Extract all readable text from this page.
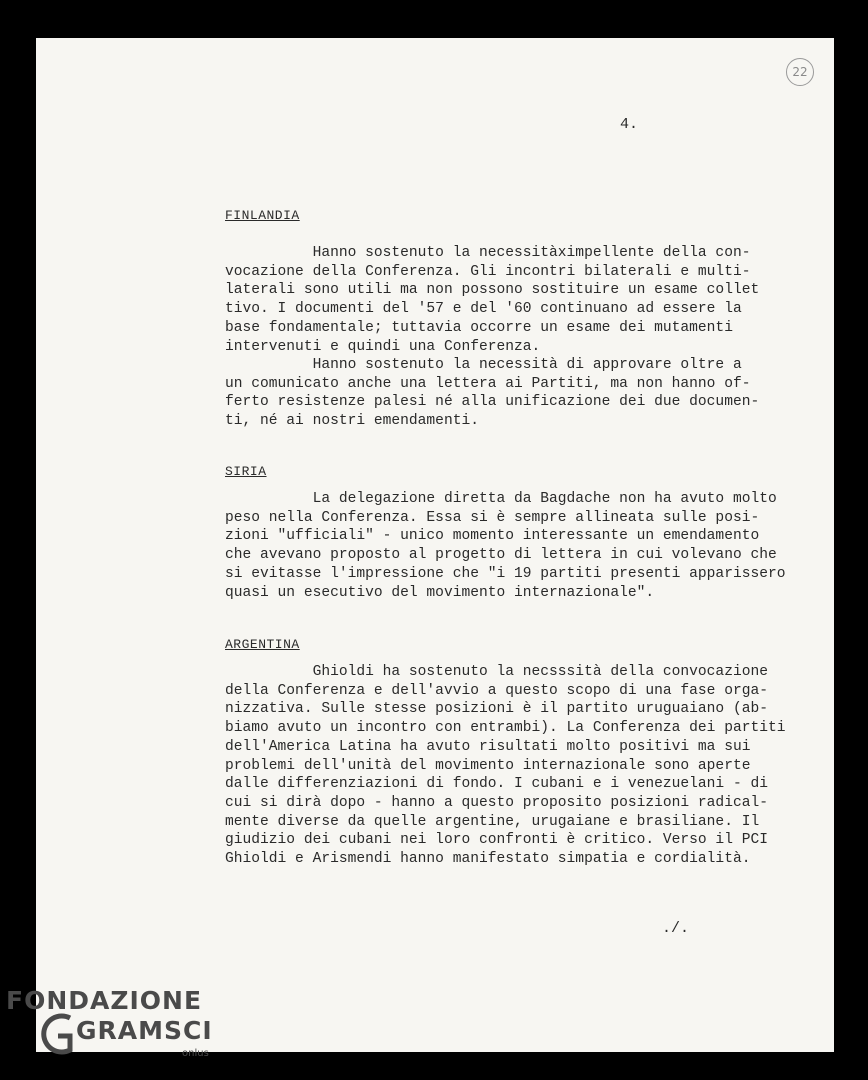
22
4.
FINLANDIA

Hanno sostenuto la necessitàximpellente della con-
vocazione della Conferenza. Gli incontri bilaterali e multi-
laterali sono utili ma non possono sostituire un esame collet
tivo. I documenti del '57 e del '60 continuano ad essere la
base fondamentale; tuttavia occorre un esame dei mutamenti
intervenuti e quindi una Conferenza.

Hanno sostenuto la necessità di approvare oltre a
un comunicato anche una lettera ai Partiti, ma non hanno of-
ferto resistenze palesi né alla unificazione dei due documen-
ti, né ai nostri emendamenti.

SIRIA

La delegazione diretta da Bagdache non ha avuto molto
peso nella Conferenza. Essa si è sempre allineata sulle posi-
zioni "ufficiali" - unico momento interessante un emendamento
che avevano proposto al progetto di lettera in cui volevano che
si evitasse l'impressione che "i 19 partiti presenti apparissero
quasi un esecutivo del movimento internazionale".

ARGENTINA

Ghioldi ha sostenuto la necsssità della convocazione
della Conferenza e dell'avvio a questo scopo di una fase orga-
nizzativa. Sulle stesse posizioni è il partito uruguaiano (ab-
biamo avuto un incontro con entrambi). La Conferenza dei partiti
dell'America Latina ha avuto risultati molto positivi ma sui
problemi dell'unità del movimento internazionale sono aperte
dalle differenziazioni di fondo. I cubani e i venezuelani - di
cui si dirà dopo - hanno a questo proposito posizioni radical-
mente diverse da quelle argentine, urugaiane e brasiliane. Il
giudizio dei cubani nei loro confronti è critico. Verso il PCI
Ghioldi e Arismendi hanno manifestato simpatia e cordialità.

./.
FONDAZIONE
GRAMSCI
onlus
